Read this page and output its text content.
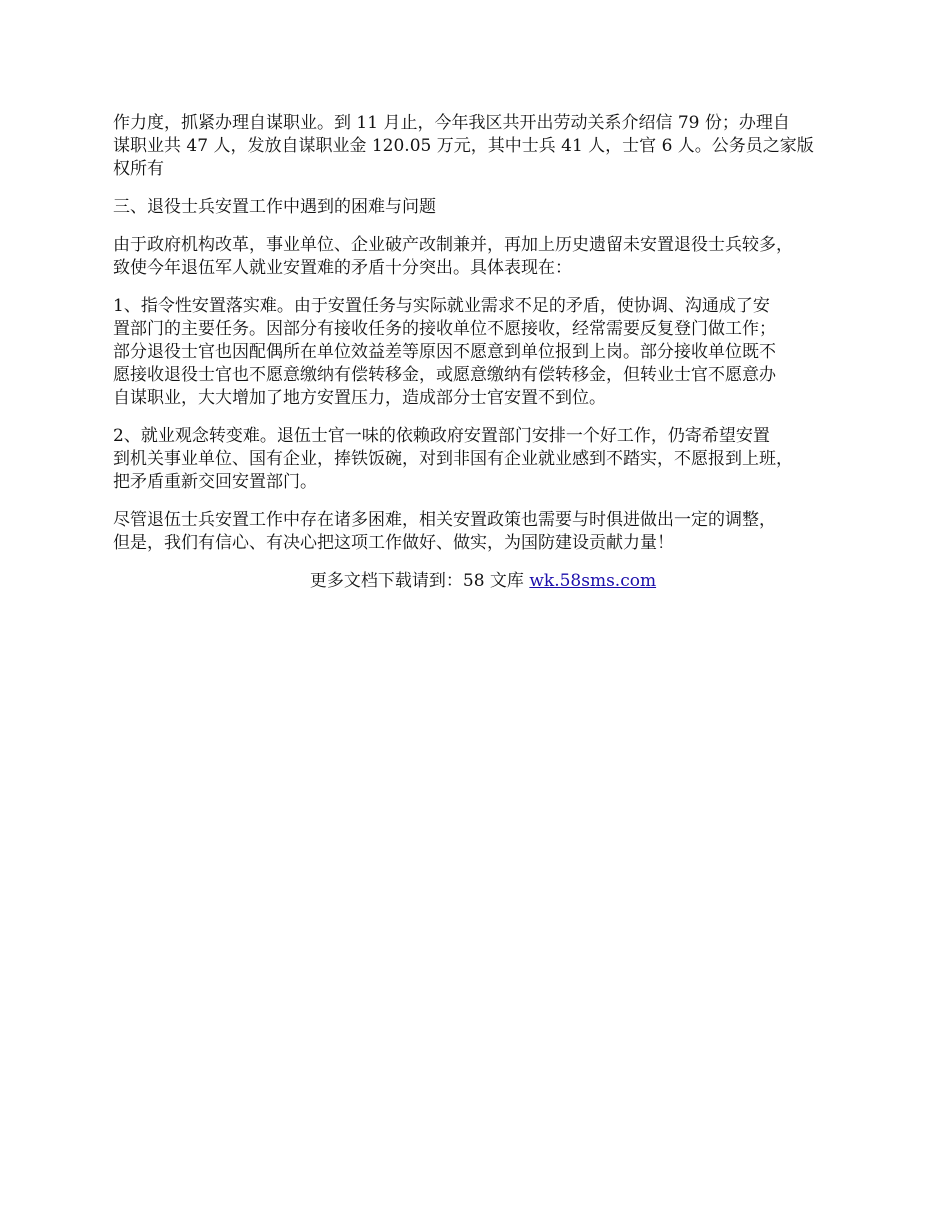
作力度，抓紧办理自谋职业。到 11 月止，今年我区共开出劳动关系介绍信 79 份；办理自
谋职业共 47 人，发放自谋职业金 120.05 万元，其中士兵 41 人，士官 6 人。公务员之家版
权所有

三、退役士兵安置工作中遇到的困难与问题

由于政府机构改革，事业单位、企业破产改制兼并，再加上历史遗留未安置退役士兵较多，
致使今年退伍军人就业安置难的矛盾十分突出。具体表现在：

1、指令性安置落实难。由于安置任务与实际就业需求不足的矛盾，使协调、沟通成了安
置部门的主要任务。因部分有接收任务的接收单位不愿接收，经常需要反复登门做工作；
部分退役士官也因配偶所在单位效益差等原因不愿意到单位报到上岗。部分接收单位既不
愿接收退役士官也不愿意缴纳有偿转移金，或愿意缴纳有偿转移金，但转业士官不愿意办
自谋职业，大大增加了地方安置压力，造成部分士官安置不到位。

2、就业观念转变难。退伍士官一味的依赖政府安置部门安排一个好工作，仍寄希望安置
到机关事业单位、国有企业，捧铁饭碗，对到非国有企业就业感到不踏实，不愿报到上班，
把矛盾重新交回安置部门。

尽管退伍士兵安置工作中存在诸多困难，相关安置政策也需要与时俱进做出一定的调整，
但是，我们有信心、有决心把这项工作做好、做实，为国防建设贡献力量！

更多文档下载请到：58 文库 wk.58sms.com
